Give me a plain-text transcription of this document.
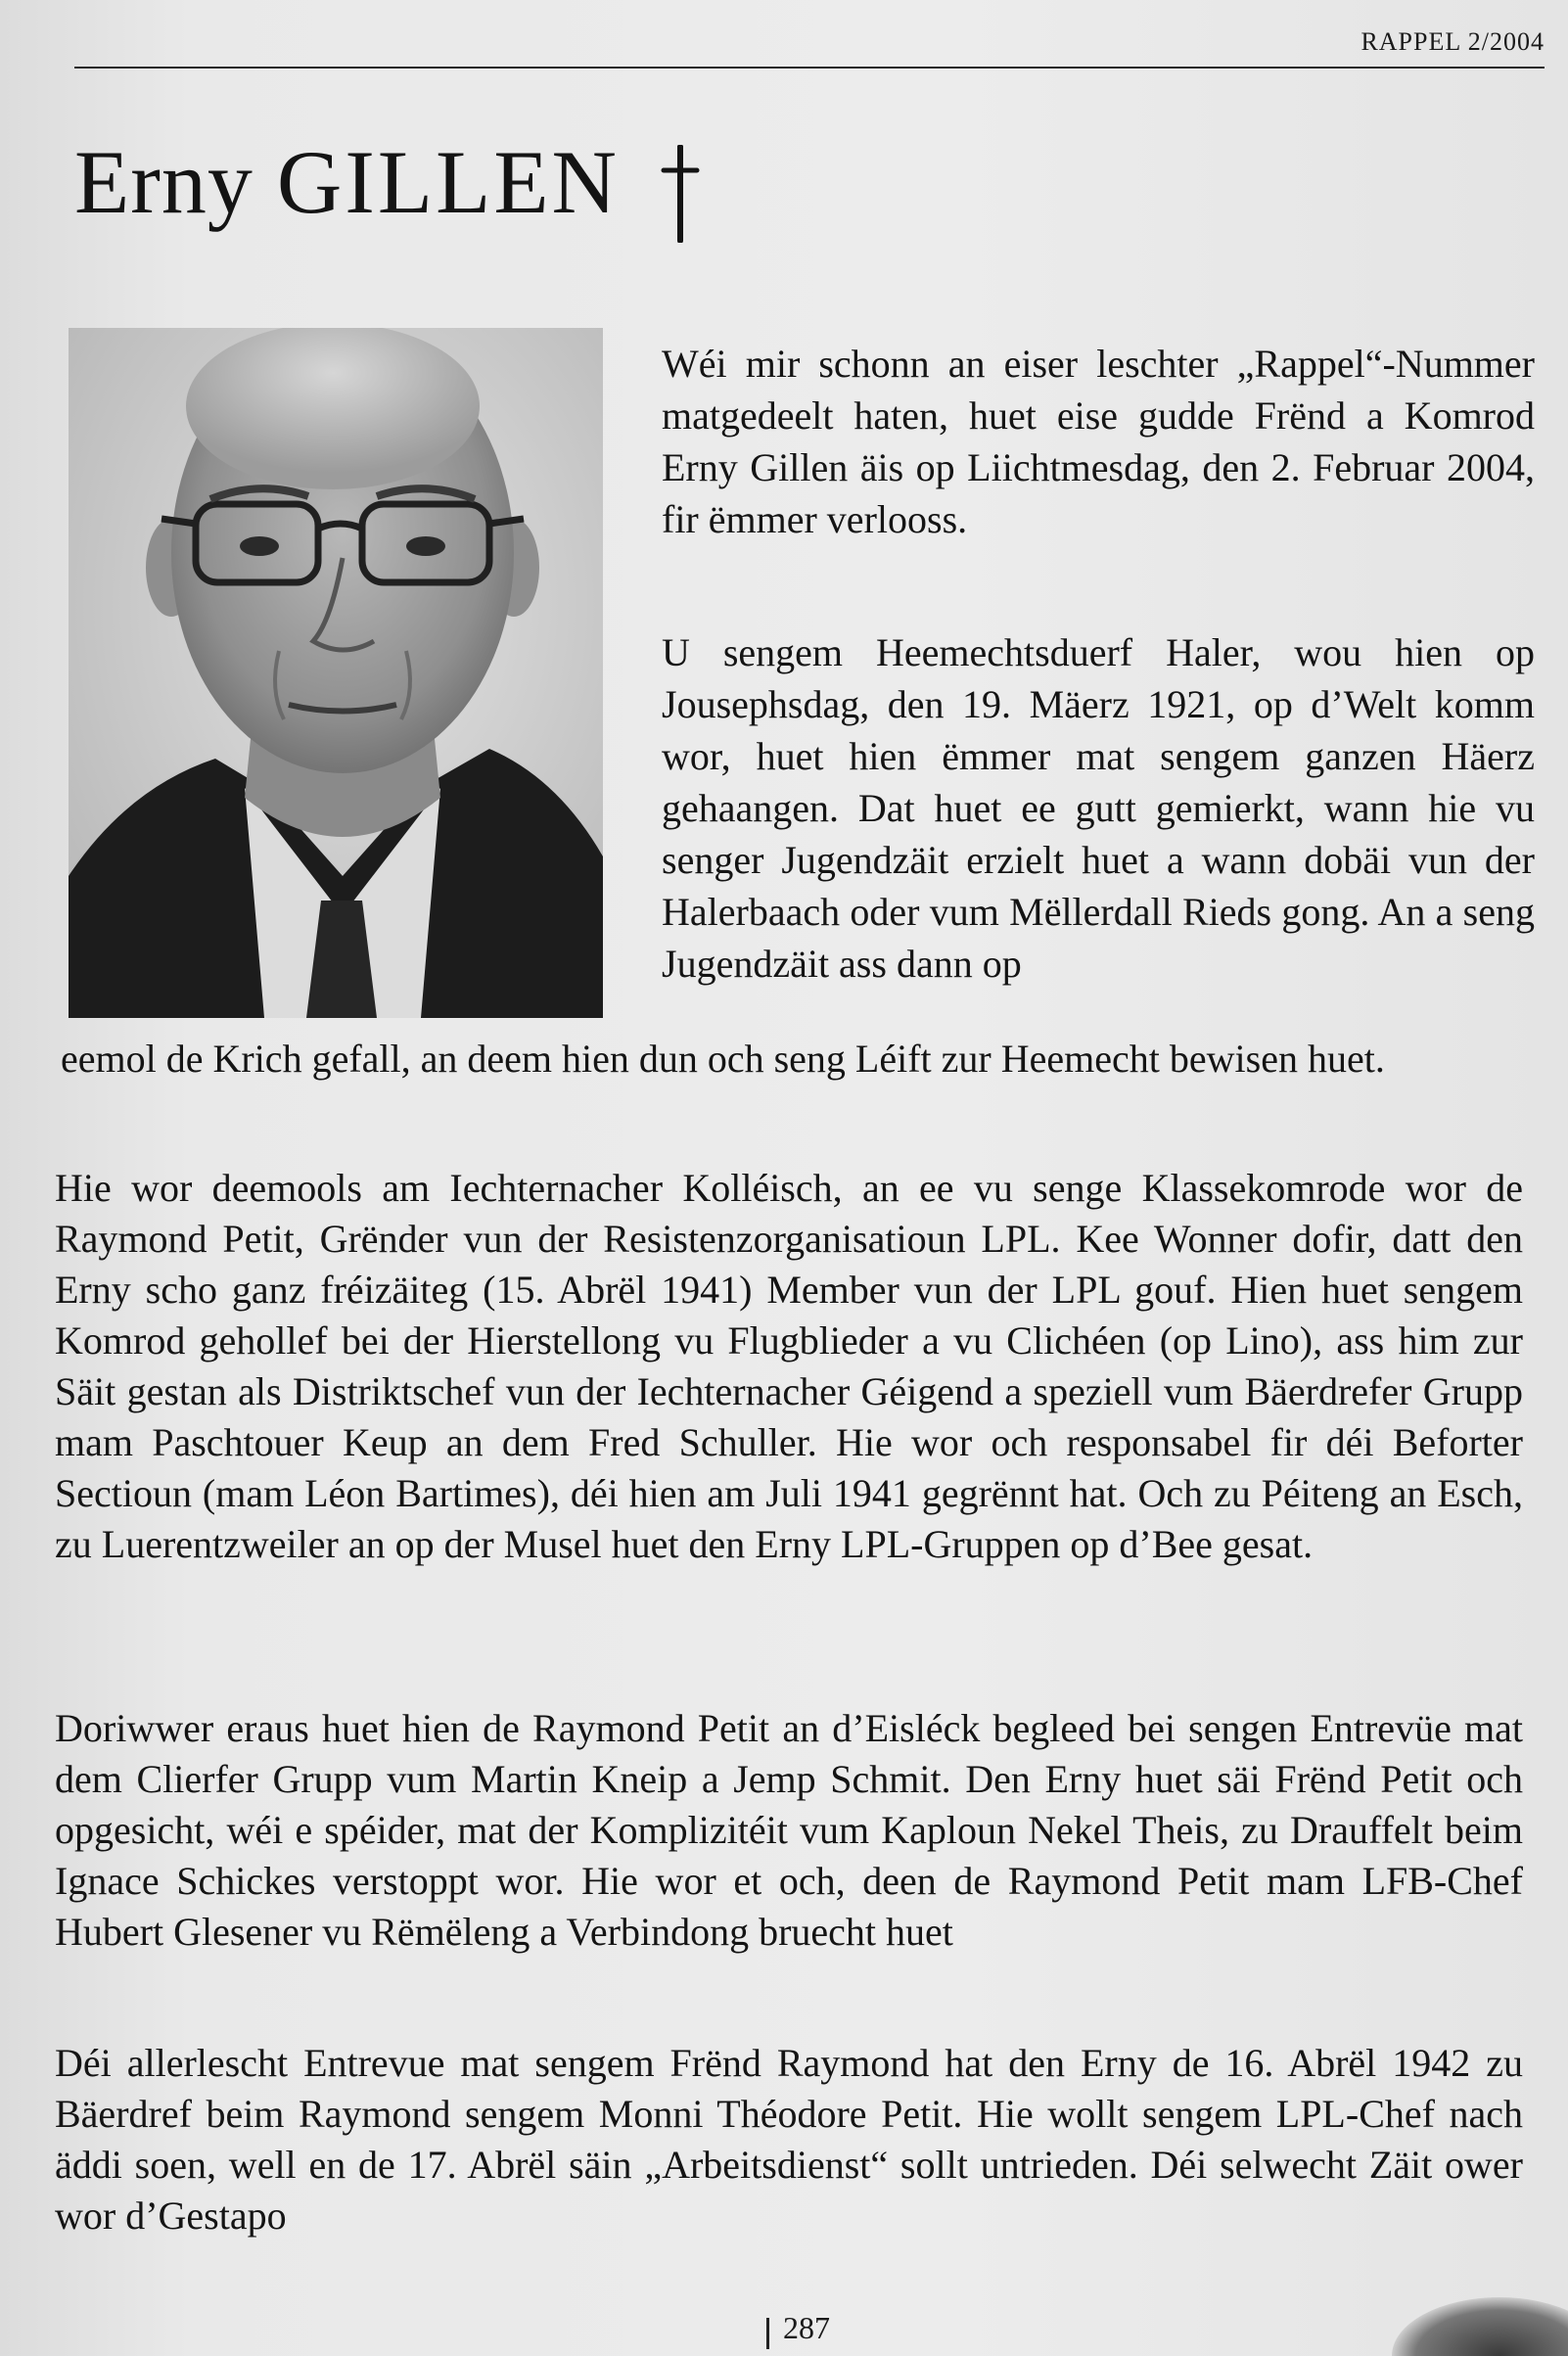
RAPPEL 2/2004
Erny GILLEN

Wéi mir schonn an eiser leschter „Rappel“-Nummer matgedeelt haten, huet eise gudde Frënd a Komrod Erny Gillen äis op Liichtmesdag, den 2. Februar 2004, fir ëmmer verlooss.

U sengem Heemechtsduerf Haler, wou hien op Jousephsdag, den 19. Mäerz 1921, op d’Welt komm wor, huet hien ëmmer mat sengem ganzen Häerz gehaangen. Dat huet ee gutt gemierkt, wann hie vu senger Jugendzäit erzielt huet a wann dobäi vun der Halerbaach oder vum Mëllerdall Rieds gong. An a seng Jugendzäit ass dann op

eemol de Krich gefall, an deem hien dun och seng Léift zur Heemecht bewisen huet.

Hie wor deemools am Iechternacher Kolléisch, an ee vu senge Klassekomrode wor de Raymond Petit, Grënder vun der Resistenzorganisatioun LPL. Kee Wonner dofir, datt den Erny scho ganz fréizäiteg (15. Abrël 1941) Member vun der LPL gouf. Hien huet sengem Komrod gehollef bei der Hierstellong vu Flugblieder a vu Clichéen (op Lino), ass him zur Säit gestan als Distriktschef vun der Iechternacher Géigend a speziell vum Bäerdrefer Grupp mam Paschtouer Keup an dem Fred Schuller. Hie wor och responsabel fir déi Beforter Sectioun (mam Léon Bartimes), déi hien am Juli 1941 gegrënnt hat. Och zu Péiteng an Esch, zu Luerentzweiler an op der Musel huet den Erny LPL-Gruppen op d’Bee gesat.

Doriwwer eraus huet hien de Raymond Petit an d’Eisléck begleed bei sengen Entrevüe mat dem Clierfer Grupp vum Martin Kneip a Jemp Schmit. Den Erny huet säi Frënd Petit och opgesicht, wéi e spéider, mat der Komplizitéit vum Kaploun Nekel Theis, zu Drauffelt beim Ignace Schickes verstoppt wor. Hie wor et och, deen de Raymond Petit mam LFB-Chef Hubert Glesener vu Rëmëleng a Verbindong bruecht huet

Déi allerlescht Entrevue mat sengem Frënd Raymond hat den Erny de 16. Abrël 1942 zu Bäerdref beim Raymond sengem Monni Théodore Petit. Hie wollt sengem LPL-Chef nach äddi soen, well en de 17. Abrël säin „Arbeitsdienst“ sollt untrieden. Déi selwecht Zäit ower wor d’Gestapo

287
